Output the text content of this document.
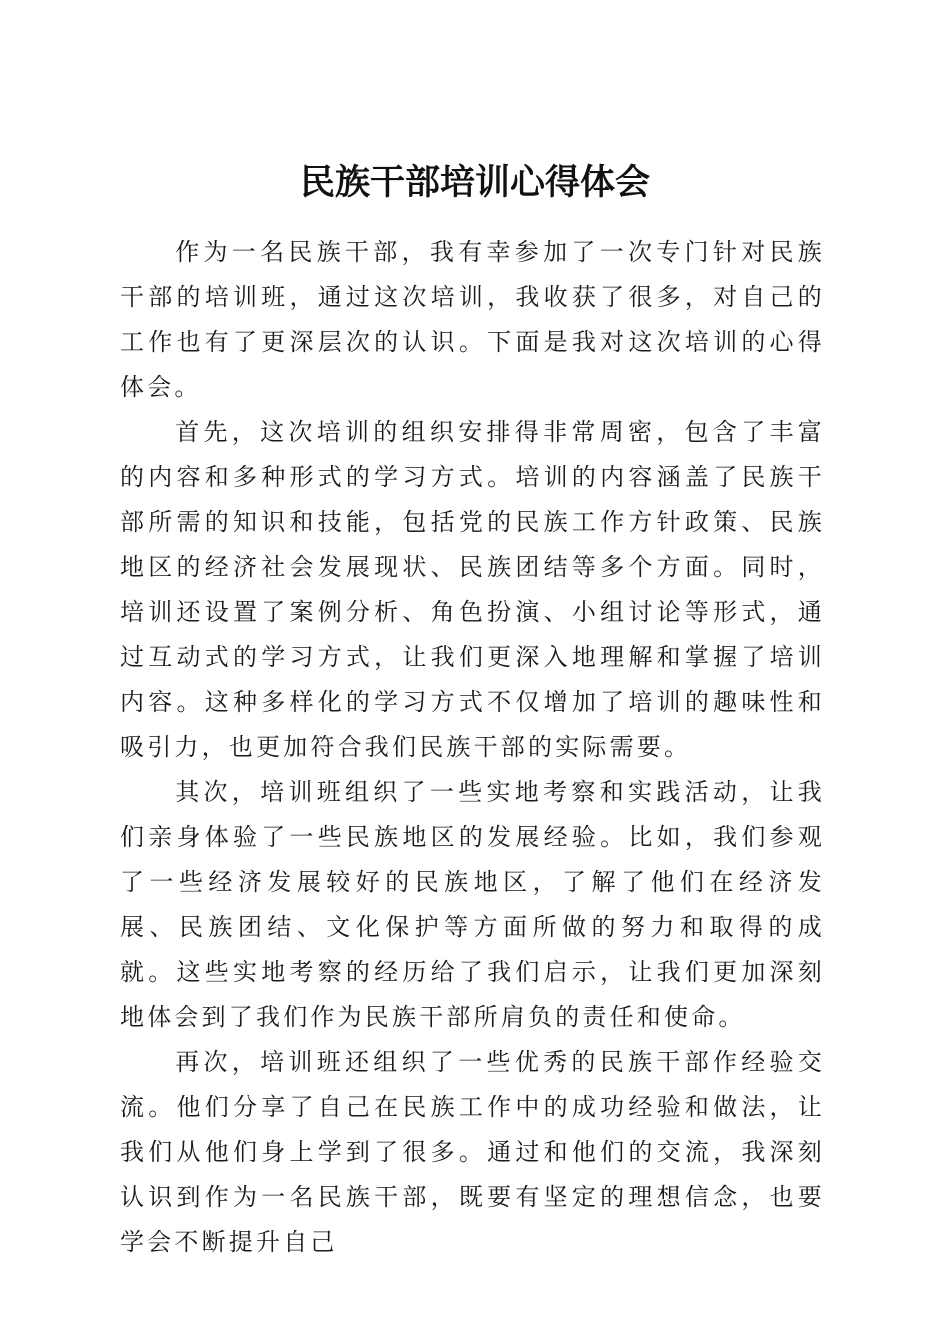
民族干部培训心得体会

作为一名民族干部，我有幸参加了一次专门针对民族干部的培训班，通过这次培训，我收获了很多，对自己的工作也有了更深层次的认识。下面是我对这次培训的心得体会。

首先，这次培训的组织安排得非常周密，包含了丰富的内容和多种形式的学习方式。培训的内容涵盖了民族干部所需的知识和技能，包括党的民族工作方针政策、民族地区的经济社会发展现状、民族团结等多个方面。同时，培训还设置了案例分析、角色扮演、小组讨论等形式，通过互动式的学习方式，让我们更深入地理解和掌握了培训内容。这种多样化的学习方式不仅增加了培训的趣味性和吸引力，也更加符合我们民族干部的实际需要。

其次，培训班组织了一些实地考察和实践活动，让我们亲身体验了一些民族地区的发展经验。比如，我们参观了一些经济发展较好的民族地区，了解了他们在经济发展、民族团结、文化保护等方面所做的努力和取得的成就。这些实地考察的经历给了我们启示，让我们更加深刻地体会到了我们作为民族干部所肩负的责任和使命。

再次，培训班还组织了一些优秀的民族干部作经验交流。他们分享了自己在民族工作中的成功经验和做法，让我们从他们身上学到了很多。通过和他们的交流，我深刻认识到作为一名民族干部，既要有坚定的理想信念，也要学会不断提升自己
